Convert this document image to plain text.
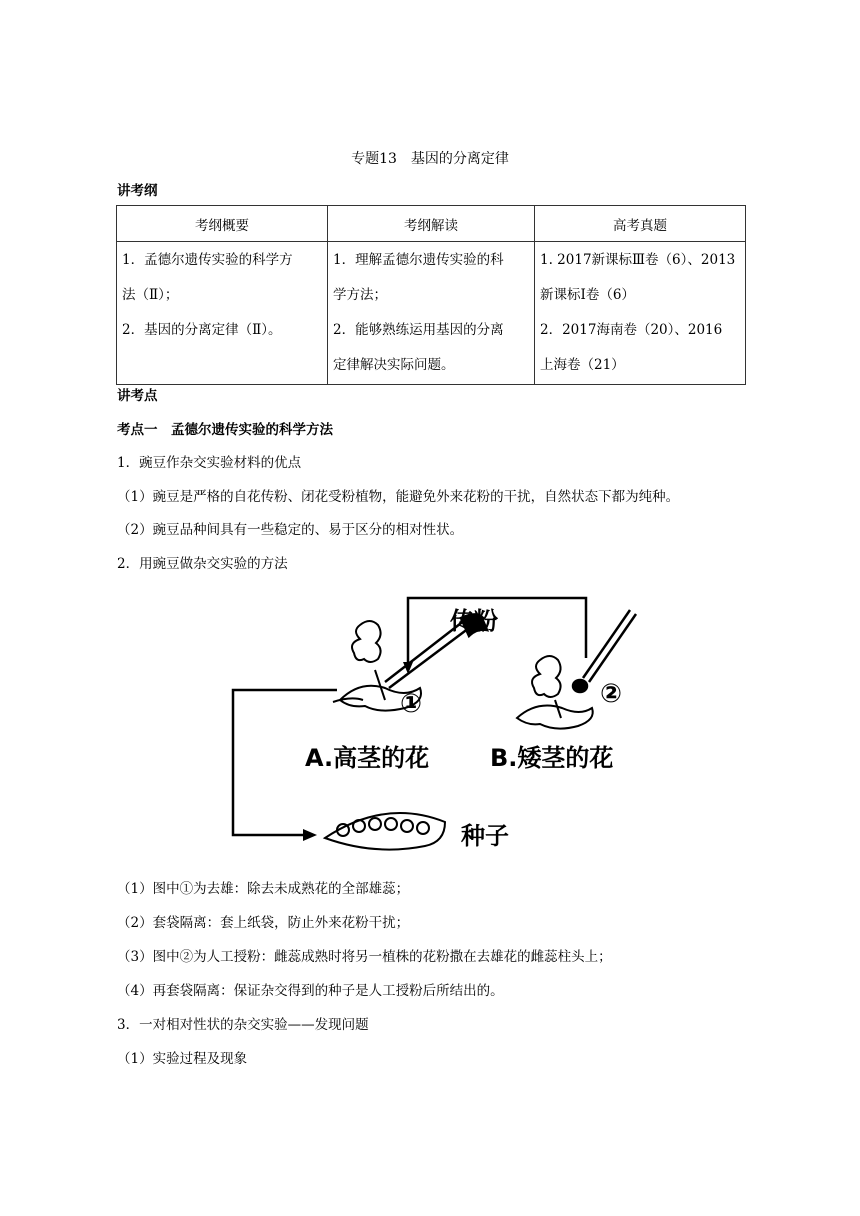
专题13　基因的分离定律
讲考纲
考纲概要	考纲解读	高考真题

1．孟德尔遗传实验的科学方
法（Ⅱ）；
2．基因的分离定律（Ⅱ）。	1．理解孟德尔遗传实验的科
学方法；
2．能够熟练运用基因的分离
定律解决实际问题。	1. 2017新课标Ⅲ卷（6）、2013
新课标Ⅰ卷（6）
2．2017海南卷（20）、2016
上海卷（21）
讲考点
考点一　孟德尔遗传实验的科学方法
1．豌豆作杂交实验材料的优点
（1）豌豆是严格的自花传粉、闭花受粉植物，能避免外来花粉的干扰，自然状态下都为纯种。
（2）豌豆品种间具有一些稳定的、易于区分的相对性状。
2．用豌豆做杂交实验的方法
①	②
传粉
A.高茎的花	B.矮茎的花
种子
（1）图中①为去雄：除去未成熟花的全部雄蕊；
（2）套袋隔离：套上纸袋，防止外来花粉干扰；
（3）图中②为人工授粉：雌蕊成熟时将另一植株的花粉撒在去雄花的雌蕊柱头上；
（4）再套袋隔离：保证杂交得到的种子是人工授粉后所结出的。
3．一对相对性状的杂交实验——发现问题
（1）实验过程及现象
